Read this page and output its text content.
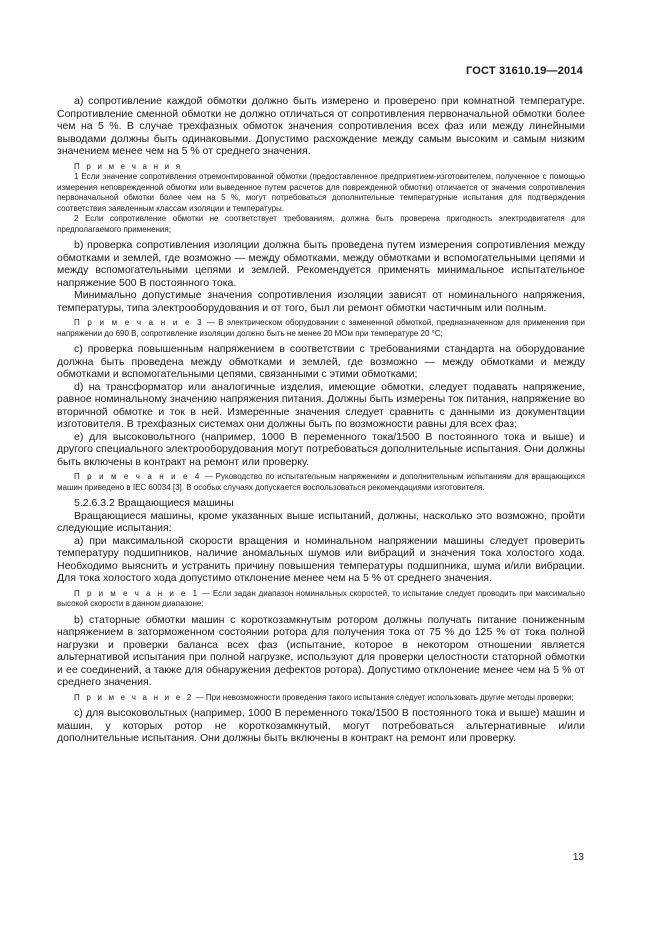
ГОСТ 31610.19—2014

a) сопротивление каждой обмотки должно быть измерено и проверено при комнатной температуре. Сопротивление сменной обмотки не должно отличаться от сопротивления первоначальной обмотки более чем на 5 %. В случае трехфазных обмоток значения сопротивления всех фаз или между линейными выводами должны быть одинаковыми. Допустимо расхождение между самым высоким и самым низким значением менее чем на 5 % от среднего значения.

П р и м е ч а н и я

1 Если значение сопротивления отремонтированной обмотки (предоставленное предприятием-изготовителем, полученное с помощью измерения неповрежденной обмотки или выведенное путем расчетов для поврежденной обмотки) отличается от значения сопротивления первоначальной обмотки более чем на 5 %, могут потребоваться дополнительные температурные испытания для подтверждения соответствия заявленным классам изоляции и температуры.

2 Если сопротивление обмотки не соответствует требованиям, должна быть проверена пригодность электродвигателя для предполагаемого применения;

b) проверка сопротивления изоляции должна быть проведена путем измерения сопротивления между обмотками и землей, где возможно — между обмотками, между обмотками и вспомогательными цепями и между вспомогательными цепями и землей. Рекомендуется применять минимальное испытательное напряжение 500 В постоянного тока.

Минимально допустимые значения сопротивления изоляции зависят от номинального напряжения, температуры, типа электрооборудования и от того, был ли ремонт обмотки частичным или полным.

П р и м е ч а н и е 3 — В электрическом оборудовании с замененной обмоткой, предназначенном для применения при напряжении до 690 В, сопротивление изоляции должно быть не менее 20 МОм при температуре 20 °С;

c) проверка повышенным напряжением в соответствии с требованиями стандарта на оборудование должна быть проведена между обмотками и землей, где возможно — между обмотками и между обмотками и вспомогательными цепями, связанными с этими обмотками;

d) на трансформатор или аналогичные изделия, имеющие обмотки, следует подавать напряжение, равное номинальному значению напряжения питания. Должны быть измерены ток питания, напряжение во вторичной обмотке и ток в ней. Измеренные значения следует сравнить с данными из документации изготовителя. В трехфазных системах они должны быть по возможности равны для всех фаз;

e) для высоковольтного (например, 1000 В переменного тока/1500 В постоянного тока и выше) и другого специального электрооборудования могут потребоваться дополнительные испытания. Они должны быть включены в контракт на ремонт или проверку.

П р и м е ч а н и е 4 — Руководство по испытательным напряжениям и дополнительным испытаниям для вращающихся машин приведено в IEC 60034 [3]. В особых случаях допускается воспользоваться рекомендациями изготовителя.

5.2.6.3.2 Вращающиеся машины

Вращающиеся машины, кроме указанных выше испытаний, должны, насколько это возможно, пройти следующие испытания:

a) при максимальной скорости вращения и номинальном напряжении машины следует проверить температуру подшипников, наличие аномальных шумов или вибраций и значения тока холостого хода. Необходимо выяснить и устранить причину повышения температуры подшипника, шума и/или вибрации. Для тока холостого хода допустимо отклонение менее чем на 5 % от среднего значения.

П р и м е ч а н и е 1 — Если задан диапазон номинальных скоростей, то испытание следует проводить при максимально высокой скорости в данном диапазоне;

b) статорные обмотки машин с короткозамкнутым ротором должны получать питание пониженным напряжением в заторможенном состоянии ротора для получения тока от 75 % до 125 % от тока полной нагрузки и проверки баланса всех фаз (испытание, которое в некотором отношении является альтернативой испытания при полной нагрузке, используют для проверки целостности статорной обмотки и ее соединений, а также для обнаружения дефектов ротора). Допустимо отклонение менее чем на 5 % от среднего значения.

П р и м е ч а н и е 2 — При невозможности проведения такого испытания следует использовать другие методы проверки;

c) для высоковольтных (например, 1000 В переменного тока/1500 В постоянного тока и выше) машин и машин, у которых ротор не короткозамкнутый, могут потребоваться альтернативные и/или дополнительные испытания. Они должны быть включены в контракт на ремонт или проверку.

13
